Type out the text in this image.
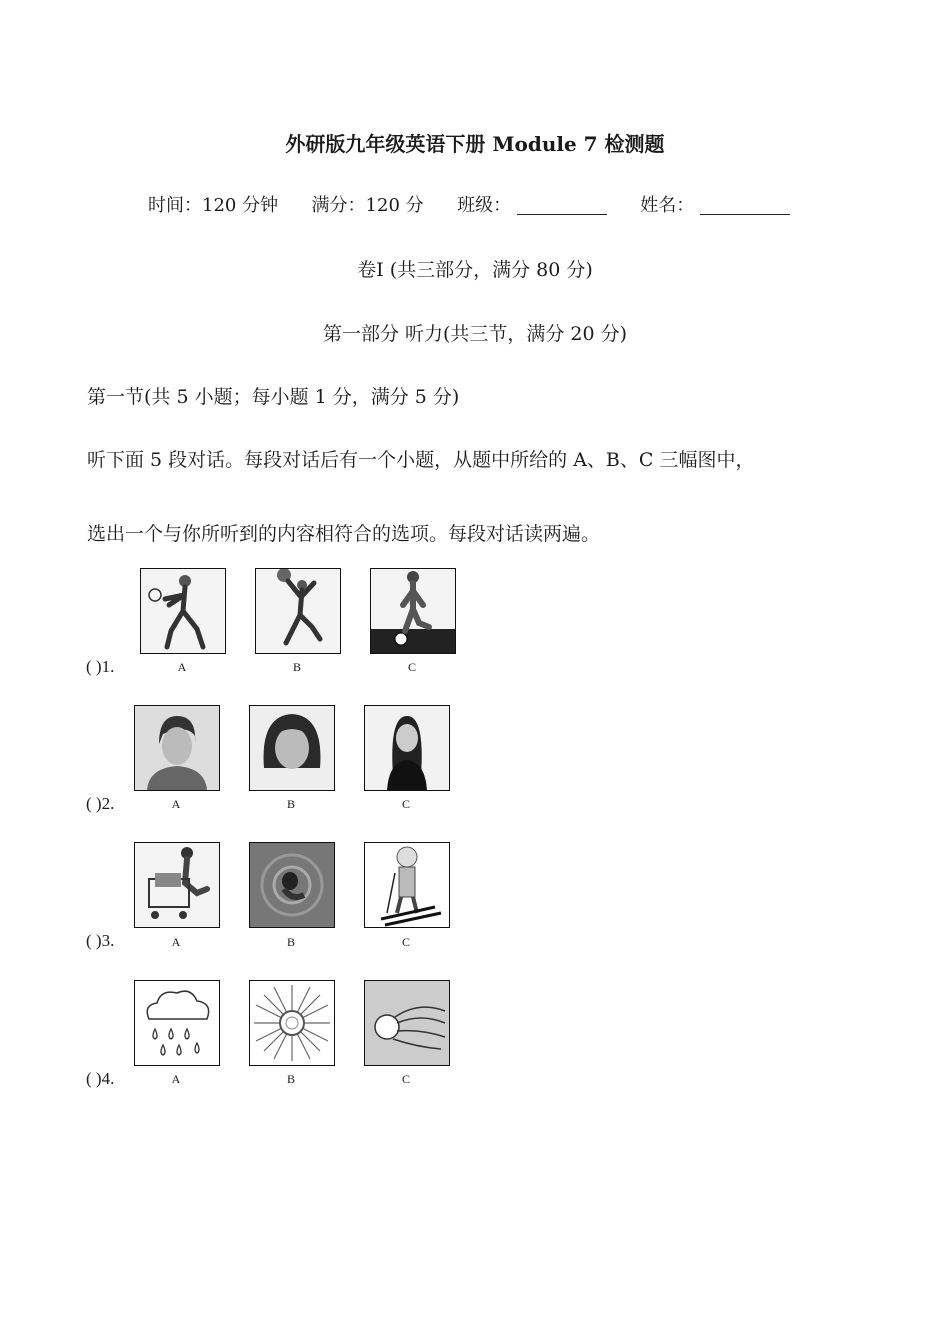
外研版九年级英语下册 Module 7 检测题
时间：120 分钟 满分：120 分 班级：	姓名：
卷Ⅰ (共三部分，满分 80 分)
第一部分 听力(共三节，满分 20 分)
第一节(共 5 小题；每小题 1 分，满分 5 分)
听下面 5 段对话。每段对话后有一个小题，从题中所给的 A、B、C 三幅图中，
选出一个与你所听到的内容相符合的选项。每段对话读两遍。
( )1.	A	B	C
( )2.	A	B	C
( )3.	A	B	C
( )4.	A	B	C
